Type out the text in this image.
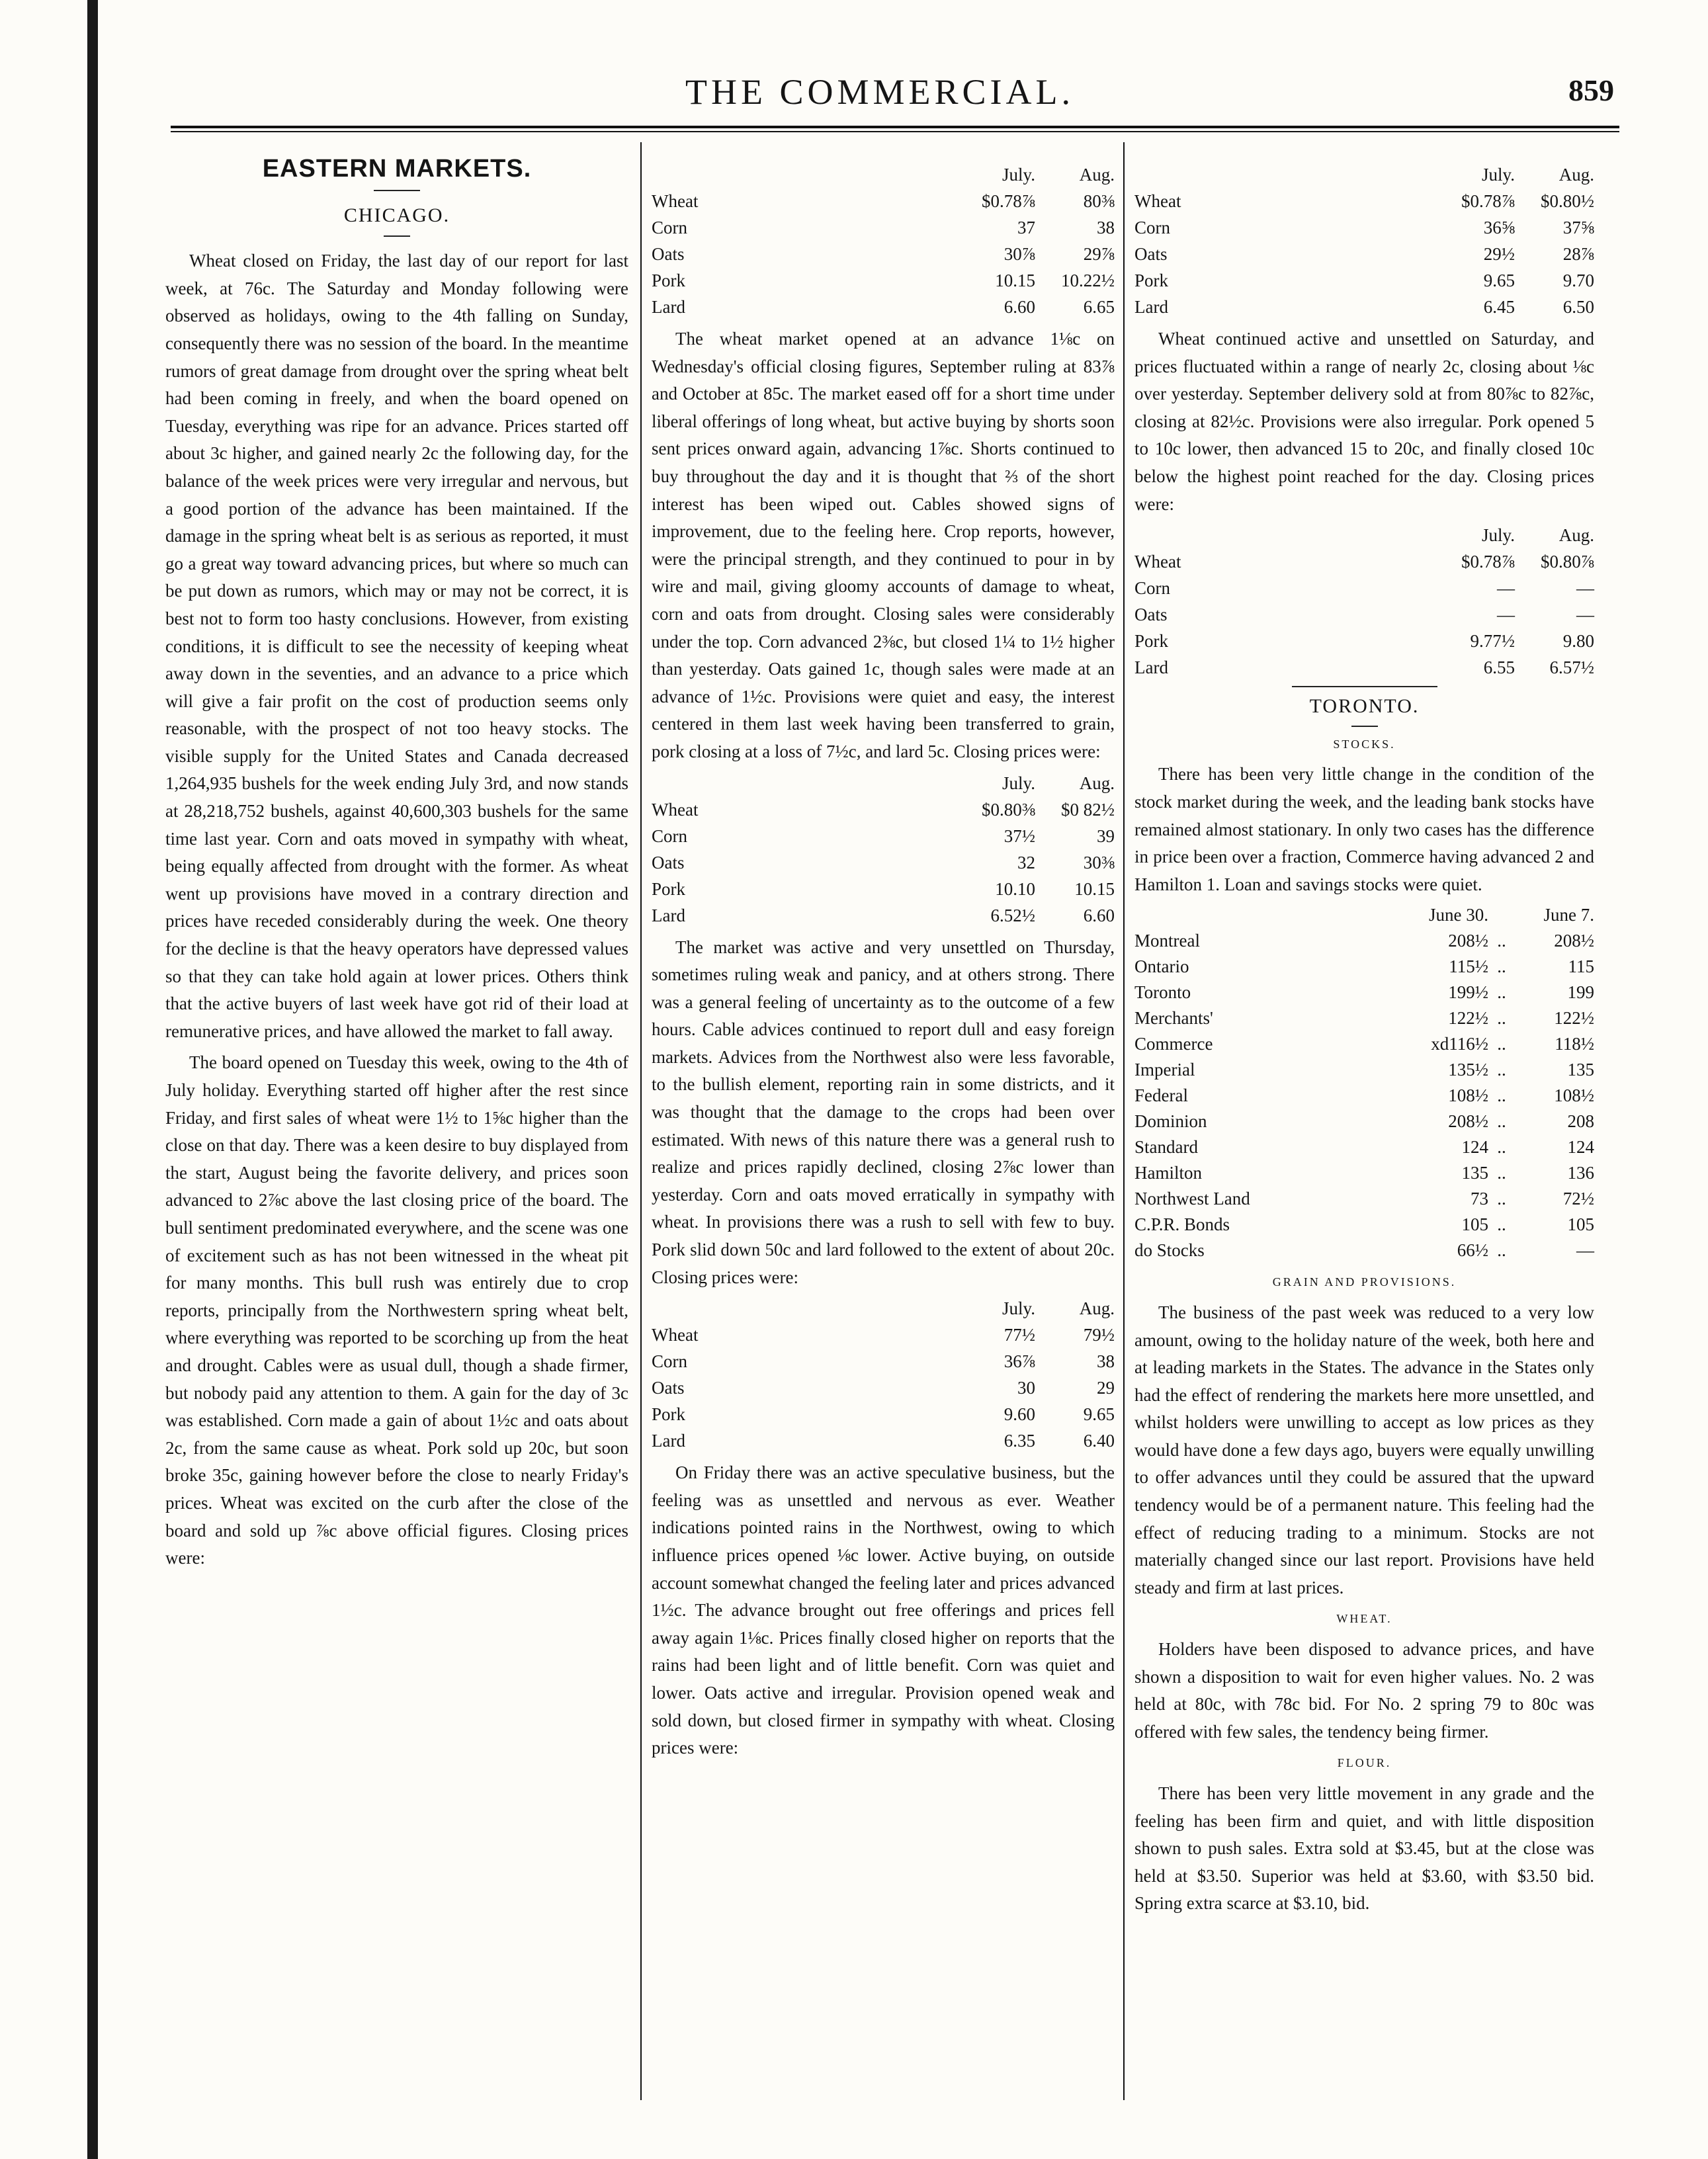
THE COMMERCIAL.	859
EASTERN MARKETS.
CHICAGO.

Wheat closed on Friday, the last day of our report for last week, at 76c. The Saturday and Monday following were observed as holidays, owing to the 4th falling on Sunday, consequently there was no session of the board. In the meantime rumors of great damage from drought over the spring wheat belt had been coming in freely, and when the board opened on Tuesday, everything was ripe for an advance. Prices started off about 3c higher, and gained nearly 2c the following day, for the balance of the week prices were very irregular and nervous, but a good portion of the advance has been maintained. If the damage in the spring wheat belt is as serious as reported, it must go a great way toward advancing prices, but where so much can be put down as rumors, which may or may not be correct, it is best not to form too hasty conclusions. However, from existing conditions, it is difficult to see the necessity of keeping wheat away down in the seventies, and an advance to a price which will give a fair profit on the cost of production seems only reasonable, with the prospect of not too heavy stocks. The visible supply for the United States and Canada decreased 1,264,935 bushels for the week ending July 3rd, and now stands at 28,218,752 bushels, against 40,600,303 bushels for the same time last year. Corn and oats moved in sympathy with wheat, being equally affected from drought with the former. As wheat went up provisions have moved in a contrary direction and prices have receded considerably during the week. One theory for the decline is that the heavy operators have depressed values so that they can take hold again at lower prices. Others think that the active buyers of last week have got rid of their load at remunerative prices, and have allowed the market to fall away.

The board opened on Tuesday this week, owing to the 4th of July holiday. Everything started off higher after the rest since Friday, and first sales of wheat were 1½ to 1⅝c higher than the close on that day. There was a keen desire to buy displayed from the start, August being the favorite delivery, and prices soon advanced to 2⅞c above the last closing price of the board. The bull sentiment predominated everywhere, and the scene was one of excitement such as has not been witnessed in the wheat pit for many months. This bull rush was entirely due to crop reports, principally from the Northwestern spring wheat belt, where everything was reported to be scorching up from the heat and drought. Cables were as usual dull, though a shade firmer, but nobody paid any attention to them. A gain for the day of 3c was established. Corn made a gain of about 1½c and oats about 2c, from the same cause as wheat. Pork sold up 20c, but soon broke 35c, gaining however before the close to nearly Friday's prices. Wheat was excited on the curb after the close of the board and sold up ⅞c above official figures. Closing prices were:

	July.	Aug.
Wheat	$0.78⅞	80⅜
Corn	37	38
Oats	30⅞	29⅞
Pork	10.15	10.22½
Lard	6.60	6.65

The wheat market opened at an advance 1⅛c on Wednesday's official closing figures, September ruling at 83⅞ and October at 85c. The market eased off for a short time under liberal offerings of long wheat, but active buying by shorts soon sent prices onward again, advancing 1⅞c. Shorts continued to buy throughout the day and it is thought that ⅔ of the short interest has been wiped out. Cables showed signs of improvement, due to the feeling here. Crop reports, however, were the principal strength, and they continued to pour in by wire and mail, giving gloomy accounts of damage to wheat, corn and oats from drought. Closing sales were considerably under the top. Corn advanced 2⅜c, but closed 1¼ to 1½ higher than yesterday. Oats gained 1c, though sales were made at an advance of 1½c. Provisions were quiet and easy, the interest centered in them last week having been transferred to grain, pork closing at a loss of 7½c, and lard 5c. Closing prices were:

	July.	Aug.
Wheat	$0.80⅜	$0 82½
Corn	37½	39
Oats	32	30⅜
Pork	10.10	10.15
Lard	6.52½	6.60

The market was active and very unsettled on Thursday, sometimes ruling weak and panicy, and at others strong. There was a general feeling of uncertainty as to the outcome of a few hours. Cable advices continued to report dull and easy foreign markets. Advices from the Northwest also were less favorable, to the bullish element, reporting rain in some districts, and it was thought that the damage to the crops had been over estimated. With news of this nature there was a general rush to realize and prices rapidly declined, closing 2⅞c lower than yesterday. Corn and oats moved erratically in sympathy with wheat. In provisions there was a rush to sell with few to buy. Pork slid down 50c and lard followed to the extent of about 20c. Closing prices were:

	July.	Aug.
Wheat	77½	79½
Corn	36⅞	38
Oats	30	29
Pork	9.60	9.65
Lard	6.35	6.40

On Friday there was an active speculative business, but the feeling was as unsettled and nervous as ever. Weather indications pointed rains in the Northwest, owing to which influence prices opened ⅛c lower. Active buying, on outside account somewhat changed the feeling later and prices advanced 1½c. The advance brought out free offerings and prices fell away again 1⅛c. Prices finally closed higher on reports that the rains had been light and of little benefit. Corn was quiet and lower. Oats active and irregular. Provision opened weak and sold down, but closed firmer in sympathy with wheat. Closing prices were:

	July.	Aug.
Wheat	$0.78⅞	$0.80½
Corn	36⅝	37⅝
Oats	29½	28⅞
Pork	9.65	9.70
Lard	6.45	6.50

Wheat continued active and unsettled on Saturday, and prices fluctuated within a range of nearly 2c, closing about ⅛c over yesterday. September delivery sold at from 80⅞c to 82⅞c, closing at 82½c. Provisions were also irregular. Pork opened 5 to 10c lower, then advanced 15 to 20c, and finally closed 10c below the highest point reached for the day. Closing prices were:

	July.	Aug.
Wheat	$0.78⅞	$0.80⅞
Corn	—	—
Oats	—	—
Pork	9.77½	9.80
Lard	6.55	6.57½
TORONTO.
STOCKS.

There has been very little change in the condition of the stock market during the week, and the leading bank stocks have remained almost stationary. In only two cases has the difference in price been over a fraction, Commerce having advanced 2 and Hamilton 1. Loan and savings stocks were quiet.

	June 30.		June 7.
Montreal	208½	..	208½
Ontario	115½	..	115
Toronto	199½	..	199
Merchants'	122½	..	122½
Commerce	xd116½	..	118½
Imperial	135½	..	135
Federal	108½	..	108½
Dominion	208½	..	208
Standard	124	..	124
Hamilton	135	..	136
Northwest Land	73	..	72½
C.P.R. Bonds	105	..	105
do Stocks	66½	..	—
GRAIN AND PROVISIONS.

The business of the past week was reduced to a very low amount, owing to the holiday nature of the week, both here and at leading markets in the States. The advance in the States only had the effect of rendering the markets here more unsettled, and whilst holders were unwilling to accept as low prices as they would have done a few days ago, buyers were equally unwilling to offer advances until they could be assured that the upward tendency would be of a permanent nature. This feeling had the effect of reducing trading to a minimum. Stocks are not materially changed since our last report. Provisions have held steady and firm at last prices.

WHEAT.

Holders have been disposed to advance prices, and have shown a disposition to wait for even higher values. No. 2 was held at 80c, with 78c bid. For No. 2 spring 79 to 80c was offered with few sales, the tendency being firmer.

FLOUR.

There has been very little movement in any grade and the feeling has been firm and quiet, and with little disposition shown to push sales. Extra sold at $3.45, but at the close was held at $3.50. Superior was held at $3.60, with $3.50 bid. Spring extra scarce at $3.10, bid.
